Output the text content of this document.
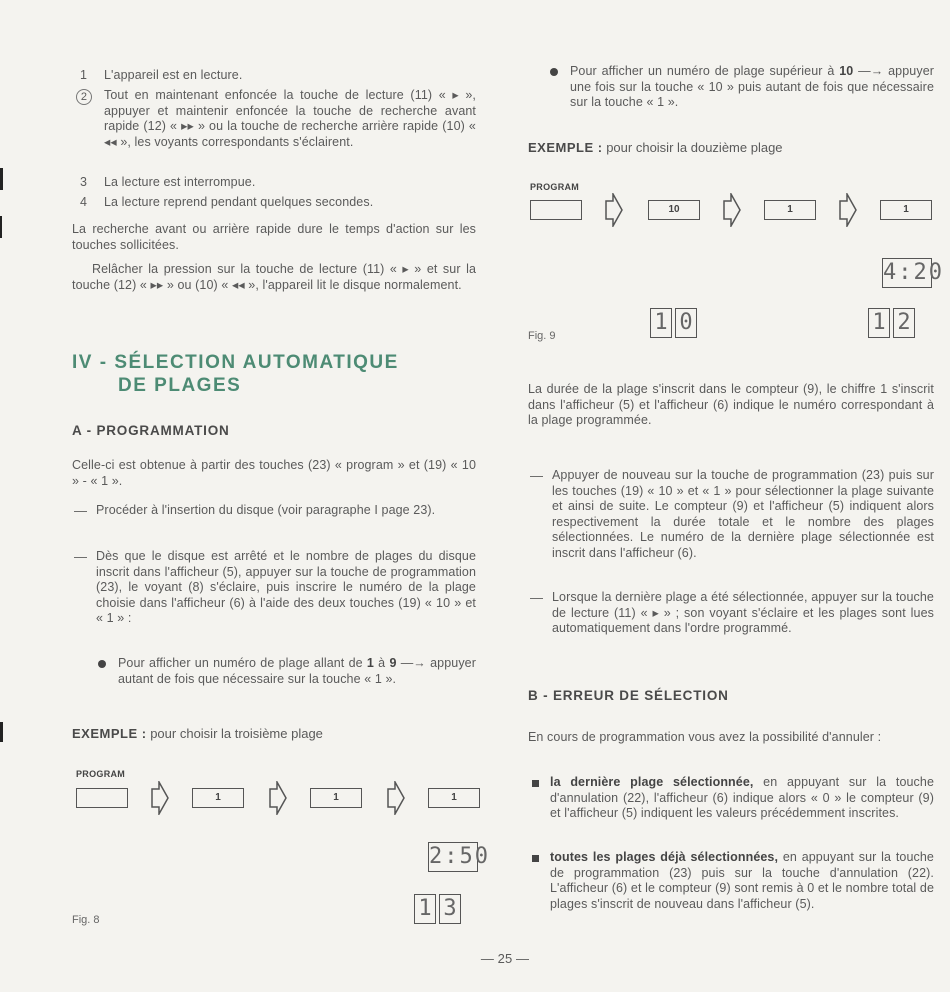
1 L'appareil est en lecture.
2	Tout en maintenant enfoncée la touche de lecture (11) « ▸ », appuyer et maintenir enfoncée la touche de recherche avant rapide (12) « ▸▸ » ou la touche de recherche arrière rapide (10) « ◂◂ », les voyants correspondants s'éclairent.
3 La lecture est interrompue.
4 La lecture reprend pendant quelques secondes.
La recherche avant ou arrière rapide dure le temps d'action sur les touches sollicitées.
Relâcher la pression sur la touche de lecture (11) « ▸ » et sur la touche (12) « ▸▸ » ou (10) « ◂◂ », l'appareil lit le disque normalement.
IV - SÉLECTION AUTOMATIQUE
DE PLAGES
A - PROGRAMMATION
Celle-ci est obtenue à partir des touches (23) « program » et (19) « 10 » - « 1 ».
— Procéder à l'insertion du disque (voir paragraphe I page 23).
— Dès que le disque est arrêté et le nombre de plages du disque inscrit dans l'afficheur (5), appuyer sur la touche de programmation (23), le voyant (8) s'éclaire, puis inscrire le numéro de la plage choisie dans l'afficheur (6) à l'aide des deux touches (19) « 10 » et « 1 » :
Pour afficher un numéro de plage allant de 1 à 9 —→ appuyer autant de fois que nécessaire sur la touche « 1 ».
EXEMPLE : pour choisir la troisième plage
PROGRAM
1	1	1
2:50
1 3
Fig. 8
Pour afficher un numéro de plage supérieur à 10 —→ appuyer une fois sur la touche « 10 » puis autant de fois que nécessaire sur la touche « 1 ».
EXEMPLE : pour choisir la douzième plage
PROGRAM
10	1	1
4:20
1 0	1 2
Fig. 9
La durée de la plage s'inscrit dans le compteur (9), le chiffre 1 s'inscrit dans l'afficheur (5) et l'afficheur (6) indique le numéro correspondant à la plage programmée.
— Appuyer de nouveau sur la touche de programmation (23) puis sur les touches (19) « 10 » et « 1 » pour sélectionner la plage suivante et ainsi de suite. Le compteur (9) et l'afficheur (5) indiquent alors respectivement la durée totale et le nombre des plages sélectionnées. Le numéro de la dernière plage sélectionnée est inscrit dans l'afficheur (6).
— Lorsque la dernière plage a été sélectionnée, appuyer sur la touche de lecture (11) « ▸ » ; son voyant s'éclaire et les plages sont lues automatiquement dans l'ordre programmé.
B - ERREUR DE SÉLECTION
En cours de programmation vous avez la possibilité d'annuler :
la dernière plage sélectionnée, en appuyant sur la touche d'annulation (22), l'afficheur (6) indique alors « 0 » le compteur (9) et l'afficheur (5) indiquent les valeurs précédemment inscrites.
toutes les plages déjà sélectionnées, en appuyant sur la touche de programmation (23) puis sur la touche d'annulation (22). L'afficheur (6) et le compteur (9) sont remis à 0 et le nombre total de plages s'inscrit de nouveau dans l'afficheur (5).
— 25 —
